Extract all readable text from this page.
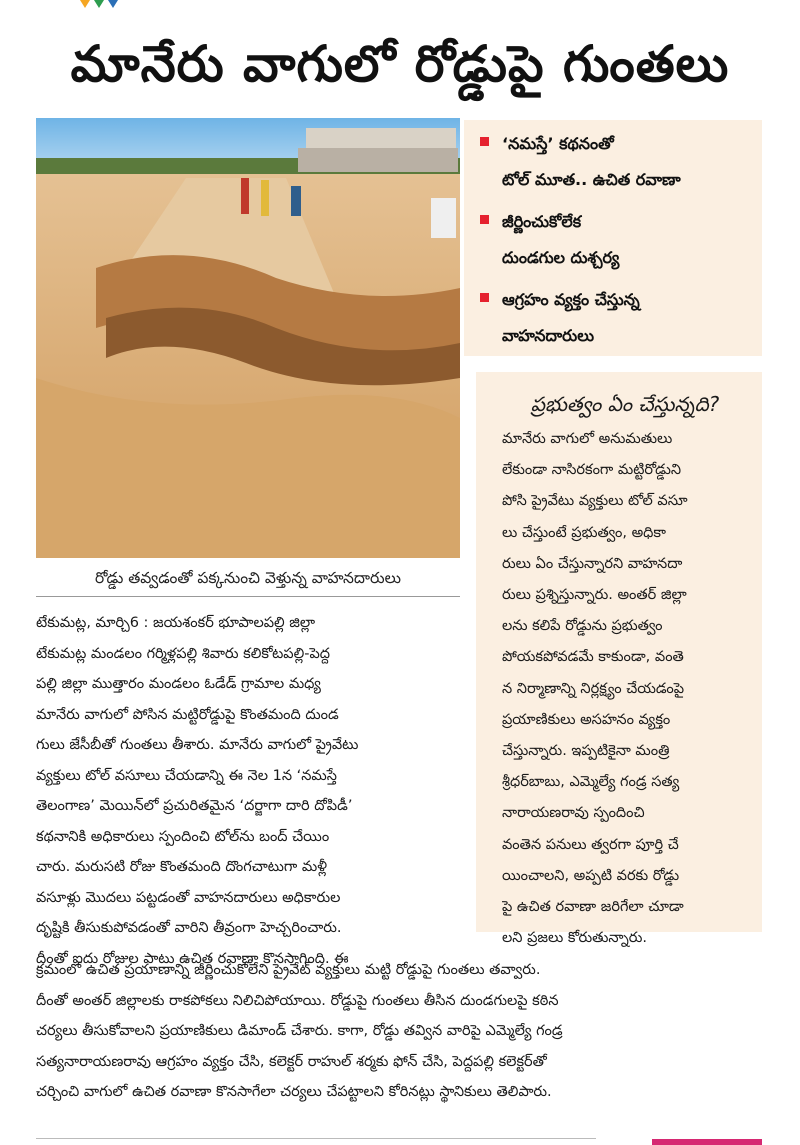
మానేరు వాగులో రోడ్డుపై గుంతలు
రోడ్డు తవ్వడంతో పక్కనుంచి వెళ్తున్న వాహనదారులు
‘నమస్తే’ కథనంతో
టోల్ మూత.. ఉచిత రవాణా
జీర్ణించుకోలేక
దుండగుల దుశ్చర్య
ఆగ్రహం వ్యక్తం చేస్తున్న
వాహనదారులు
ప్రభుత్వం ఏం చేస్తున్నది?
మానేరు వాగులో అనుమతులు
లేకుండా నాసిరకంగా మట్టిరోడ్డుని
పోసి ప్రైవేటు వ్యక్తులు టోల్ వసూ
లు చేస్తుంటే ప్రభుత్వం, అధికా
రులు ఏం చేస్తున్నారని వాహనదా
రులు ప్రశ్నిస్తున్నారు. అంతర్ జిల్లా
లను కలిపే రోడ్డును ప్రభుత్వం
పోయకపోవడమే కాకుండా, వంతె
న నిర్మాణాన్ని నిర్లక్ష్యం చేయడంపై
ప్రయాణికులు అసహనం వ్యక్తం
చేస్తున్నారు. ఇప్పటికైనా మంత్రి
శ్రీధర్‌బాబు, ఎమ్మెల్యే గండ్ర సత్య
నారాయణరావు స్పందించి
వంతెన పనులు త్వరగా పూర్తి చే
యించాలని, అప్పటి వరకు రోడ్డు
పై ఉచిత రవాణా జరిగేలా చూడా
లని ప్రజలు కోరుతున్నారు.
టేకుమట్ల, మార్చి6 : జయశంకర్ భూపాలపల్లి జిల్లా
టేకుమట్ల మండలం గర్మిళ్లపల్లి శివారు కలికోటపల్లి-పెద్ద
పల్లి జిల్లా ముత్తారం మండలం ఓడేడ్ గ్రామాల మధ్య
మానేరు వాగులో పోసిన మట్టిరోడ్డుపై కొంతమంది దుండ
గులు జేసీబీతో గుంతలు తీశారు. మానేరు వాగులో ప్రైవేటు
వ్యక్తులు టోల్ వసూలు చేయడాన్ని ఈ నెల 1న ‘నమస్తే
తెలంగాణ’ మెయిన్‌లో ప్రచురితమైన ‘దర్జాగా దారి దోపిడీ’
కథనానికి అధికారులు స్పందించి టోల్‌ను బంద్ చేయిం
చారు. మరుసటి రోజు కొంతమంది దొంగచాటుగా మళ్లీ
వసూళ్లు మొదలు పట్టడంతో వాహనదారులు అధికారుల
దృష్టికి తీసుకుపోవడంతో వారిని తీవ్రంగా హెచ్చరించారు.
దీంతో ఐదు రోజుల పాటు ఉచిత రవాణా కొనసాగింది. ఈ
క్రమంలో ఉచిత ప్రయాణాన్ని జీర్ణించుకోలేని ప్రైవేట్ వ్యక్తులు మట్టి రోడ్డుపై గుంతలు తవ్వారు.
దీంతో అంతర్ జిల్లాలకు రాకపోకలు నిలిచిపోయాయి. రోడ్డుపై గుంతలు తీసిన దుండగులపై కఠిన
చర్యలు తీసుకోవాలని ప్రయాణికులు డిమాండ్ చేశారు. కాగా, రోడ్డు తవ్విన వారిపై ఎమ్మెల్యే గండ్ర
సత్యనారాయణరావు ఆగ్రహం వ్యక్తం చేసి, కలెక్టర్ రాహుల్ శర్మకు ఫోన్ చేసి, పెద్దపల్లి కలెక్టర్‌తో
చర్చించి వాగులో ఉచిత రవాణా కొనసాగేలా చర్యలు చేపట్టాలని కోరినట్లు స్థానికులు తెలిపారు.
